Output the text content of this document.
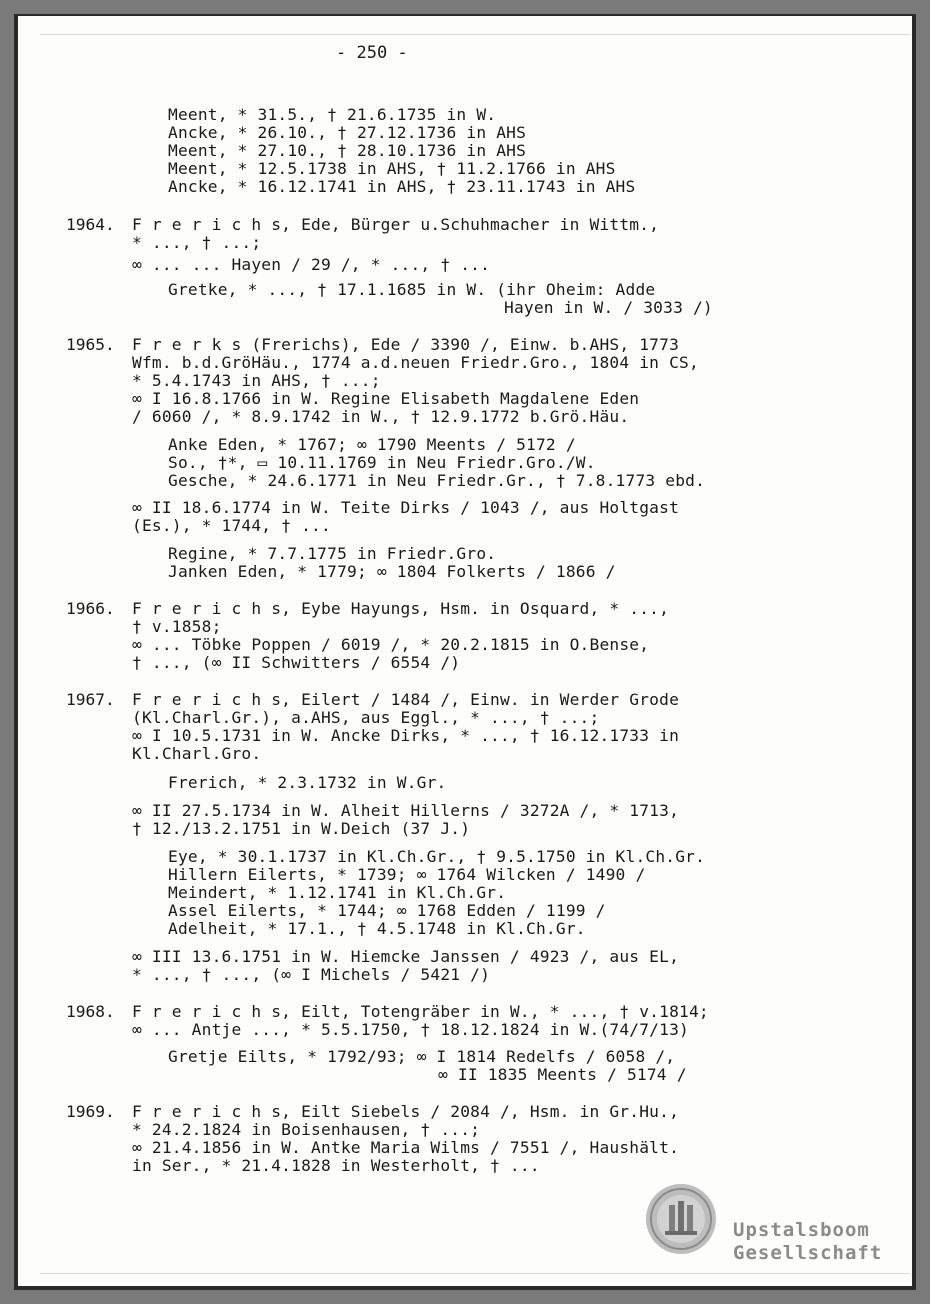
- 250 -
Meent, * 31.5., † 21.6.1735 in W.
Ancke, * 26.10., † 27.12.1736 in AHS
Meent, * 27.10., † 28.10.1736 in AHS
Meent, * 12.5.1738 in AHS, † 11.2.1766 in AHS
Ancke, * 16.12.1741 in AHS, † 23.11.1743 in AHS
1964. F r e r i c h s, Ede, Bürger u.Schuhmacher in Wittm.,
* ..., † ...;
∞ ... ... Hayen / 29 /, * ..., † ...
Gretke, * ..., † 17.1.1685 in W. (ihr Oheim: Adde
Hayen in W. / 3033 /)
1965. F r e r k s (Frerichs), Ede / 3390 /, Einw. b.AHS, 1773
Wfm. b.d.GröHäu., 1774 a.d.neuen Friedr.Gro., 1804 in CS,
* 5.4.1743 in AHS, † ...;
∞ I 16.8.1766 in W. Regine Elisabeth Magdalene Eden
/ 6060 /, * 8.9.1742 in W., † 12.9.1772 b.Grö.Häu.
Anke Eden, * 1767; ∞ 1790 Meents / 5172 /
So., †*, ▭ 10.11.1769 in Neu Friedr.Gro./W.
Gesche, * 24.6.1771 in Neu Friedr.Gr., † 7.8.1773 ebd.
∞ II 18.6.1774 in W. Teite Dirks / 1043 /, aus Holtgast
(Es.), * 1744, † ...
Regine, * 7.7.1775 in Friedr.Gro.
Janken Eden, * 1779; ∞ 1804 Folkerts / 1866 /
1966. F r e r i c h s, Eybe Hayungs, Hsm. in Osquard, * ...,
† v.1858;
∞ ... Töbke Poppen / 6019 /, * 20.2.1815 in O.Bense,
† ..., (∞ II Schwitters / 6554 /)
1967. F r e r i c h s, Eilert / 1484 /, Einw. in Werder Grode
(Kl.Charl.Gr.), a.AHS, aus Eggl., * ..., † ...;
∞ I 10.5.1731 in W. Ancke Dirks, * ..., † 16.12.1733 in
Kl.Charl.Gro.
Frerich, * 2.3.1732 in W.Gr.
∞ II 27.5.1734 in W. Alheit Hillerns / 3272A /, * 1713,
† 12./13.2.1751 in W.Deich (37 J.)
Eye, * 30.1.1737 in Kl.Ch.Gr., † 9.5.1750 in Kl.Ch.Gr.
Hillern Eilerts, * 1739; ∞ 1764 Wilcken / 1490 /
Meindert, * 1.12.1741 in Kl.Ch.Gr.
Assel Eilerts, * 1744; ∞ 1768 Edden / 1199 /
Adelheit, * 17.1., † 4.5.1748 in Kl.Ch.Gr.
∞ III 13.6.1751 in W. Hiemcke Janssen / 4923 /, aus EL,
* ..., † ..., (∞ I Michels / 5421 /)
1968. F r e r i c h s, Eilt, Totengräber in W., * ..., † v.1814;
∞ ... Antje ..., * 5.5.1750, † 18.12.1824 in W.(74/7/13)
Gretje Eilts, * 1792/93; ∞ I 1814 Redelfs / 6058 /,
∞ II 1835 Meents / 5174 /
1969. F r e r i c h s, Eilt Siebels / 2084 /, Hsm. in Gr.Hu.,
* 24.2.1824 in Boisenhausen, † ...;
∞ 21.4.1856 in W. Antke Maria Wilms / 7551 /, Haushält.
in Ser., * 21.4.1828 in Westerholt, † ...
Upstalsboom
Gesellschaft
